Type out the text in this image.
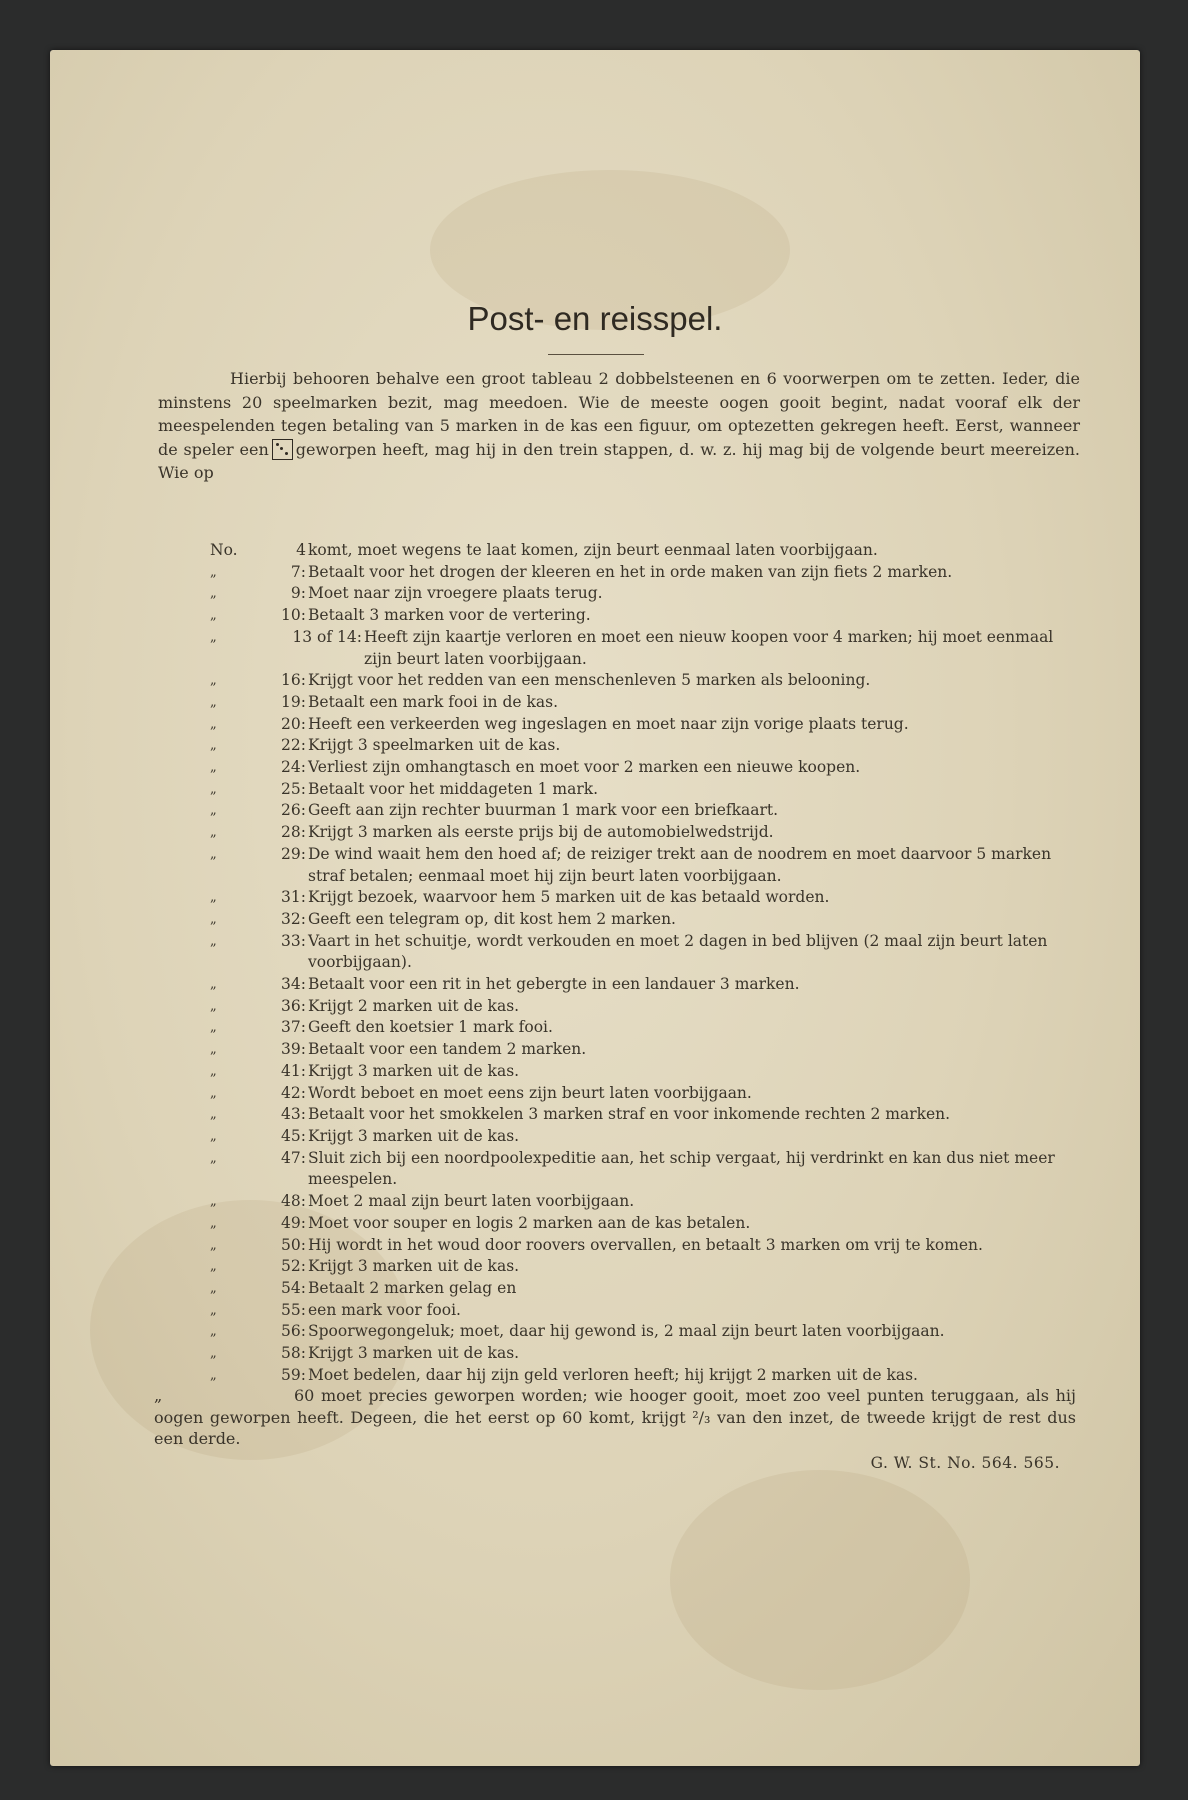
Post- en reisspel.

Hierbij behooren behalve een groot tableau 2 dobbelsteenen en 6 voorwerpen om te zetten. Ieder, die minstens 20 speelmarken bezit, mag meedoen. Wie de meeste oogen gooit begint, nadat vooraf elk der meespelenden tegen betaling van 5 marken in de kas een figuur, om optezetten gekregen heeft. Eerst, wanneer de speler een geworpen heeft, mag hij in den trein stappen, d. w. z. hij mag bij de volgende beurt meereizen. Wie op

No.	4 komt, moet wegens te laat komen, zijn beurt eenmaal laten voorbijgaan.
„	7: Betaalt voor het drogen der kleeren en het in orde maken van zijn fiets 2 marken.
„	9: Moet naar zijn vroegere plaats terug.
„	10: Betaalt 3 marken voor de vertering.
„	13 of 14: Heeft zijn kaartje verloren en moet een nieuw koopen voor 4 marken; hij moet eenmaal zijn beurt laten voorbijgaan.
„	16: Krijgt voor het redden van een menschenleven 5 marken als belooning.
„	19: Betaalt een mark fooi in de kas.
„	20: Heeft een verkeerden weg ingeslagen en moet naar zijn vorige plaats terug.
„	22: Krijgt 3 speelmarken uit de kas.
„	24: Verliest zijn omhangtasch en moet voor 2 marken een nieuwe koopen.
„	25: Betaalt voor het middageten 1 mark.
„	26: Geeft aan zijn rechter buurman 1 mark voor een briefkaart.
„	28: Krijgt 3 marken als eerste prijs bij de automobielwedstrijd.
„	29: De wind waait hem den hoed af; de reiziger trekt aan de noodrem en moet daarvoor 5 marken straf betalen; eenmaal moet hij zijn beurt laten voorbijgaan.
„	31: Krijgt bezoek, waarvoor hem 5 marken uit de kas betaald worden.
„	32: Geeft een telegram op, dit kost hem 2 marken.
„	33: Vaart in het schuitje, wordt verkouden en moet 2 dagen in bed blijven (2 maal zijn beurt laten voorbijgaan).
„	34: Betaalt voor een rit in het gebergte in een landauer 3 marken.
„	36: Krijgt 2 marken uit de kas.
„	37: Geeft den koetsier 1 mark fooi.
„	39: Betaalt voor een tandem 2 marken.
„	41: Krijgt 3 marken uit de kas.
„	42: Wordt beboet en moet eens zijn beurt laten voorbijgaan.
„	43: Betaalt voor het smokkelen 3 marken straf en voor inkomende rechten 2 marken.
„	45: Krijgt 3 marken uit de kas.
„	47: Sluit zich bij een noordpoolexpeditie aan, het schip vergaat, hij verdrinkt en kan dus niet meer meespelen.
„	48: Moet 2 maal zijn beurt laten voorbijgaan.
„	49: Moet voor souper en logis 2 marken aan de kas betalen.
„	50: Hij wordt in het woud door roovers overvallen, en betaalt 3 marken om vrij te komen.
„	52: Krijgt 3 marken uit de kas.
„	54: Betaalt 2 marken gelag en
„	55: een mark voor fooi.
„	56: Spoorwegongeluk; moet, daar hij gewond is, 2 maal zijn beurt laten voorbijgaan.
„	58: Krijgt 3 marken uit de kas.
„	59: Moet bedelen, daar hij zijn geld verloren heeft; hij krijgt 2 marken uit de kas.

„	60 moet precies geworpen worden; wie hooger gooit, moet zoo veel punten teruggaan, als hij oogen geworpen heeft. Degeen, die het eerst op 60 komt, krijgt ²/₃ van den inzet, de tweede krijgt de rest dus een derde.

G. W. St. No. 564. 565.
